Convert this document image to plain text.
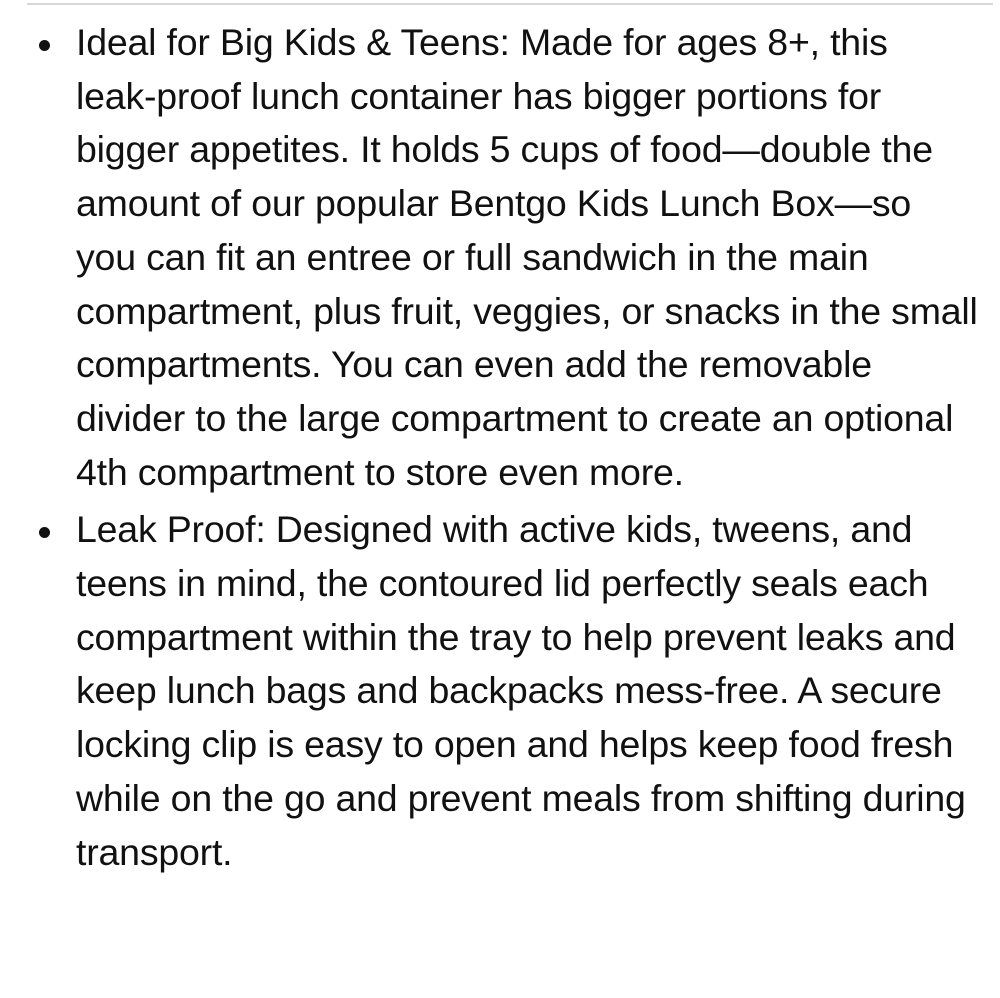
Ideal for Big Kids & Teens: Made for ages 8+, this leak-proof lunch container has bigger portions for bigger appetites. It holds 5 cups of food—double the amount of our popular Bentgo Kids Lunch Box—so you can fit an entree or full sandwich in the main compartment, plus fruit, veggies, or snacks in the small compartments. You can even add the removable divider to the large compartment to create an optional 4th compartment to store even more.
Leak Proof: Designed with active kids, tweens, and teens in mind, the contoured lid perfectly seals each compartment within the tray to help prevent leaks and keep lunch bags and backpacks mess-free. A secure locking clip is easy to open and helps keep food fresh while on the go and prevent meals from shifting during transport.
